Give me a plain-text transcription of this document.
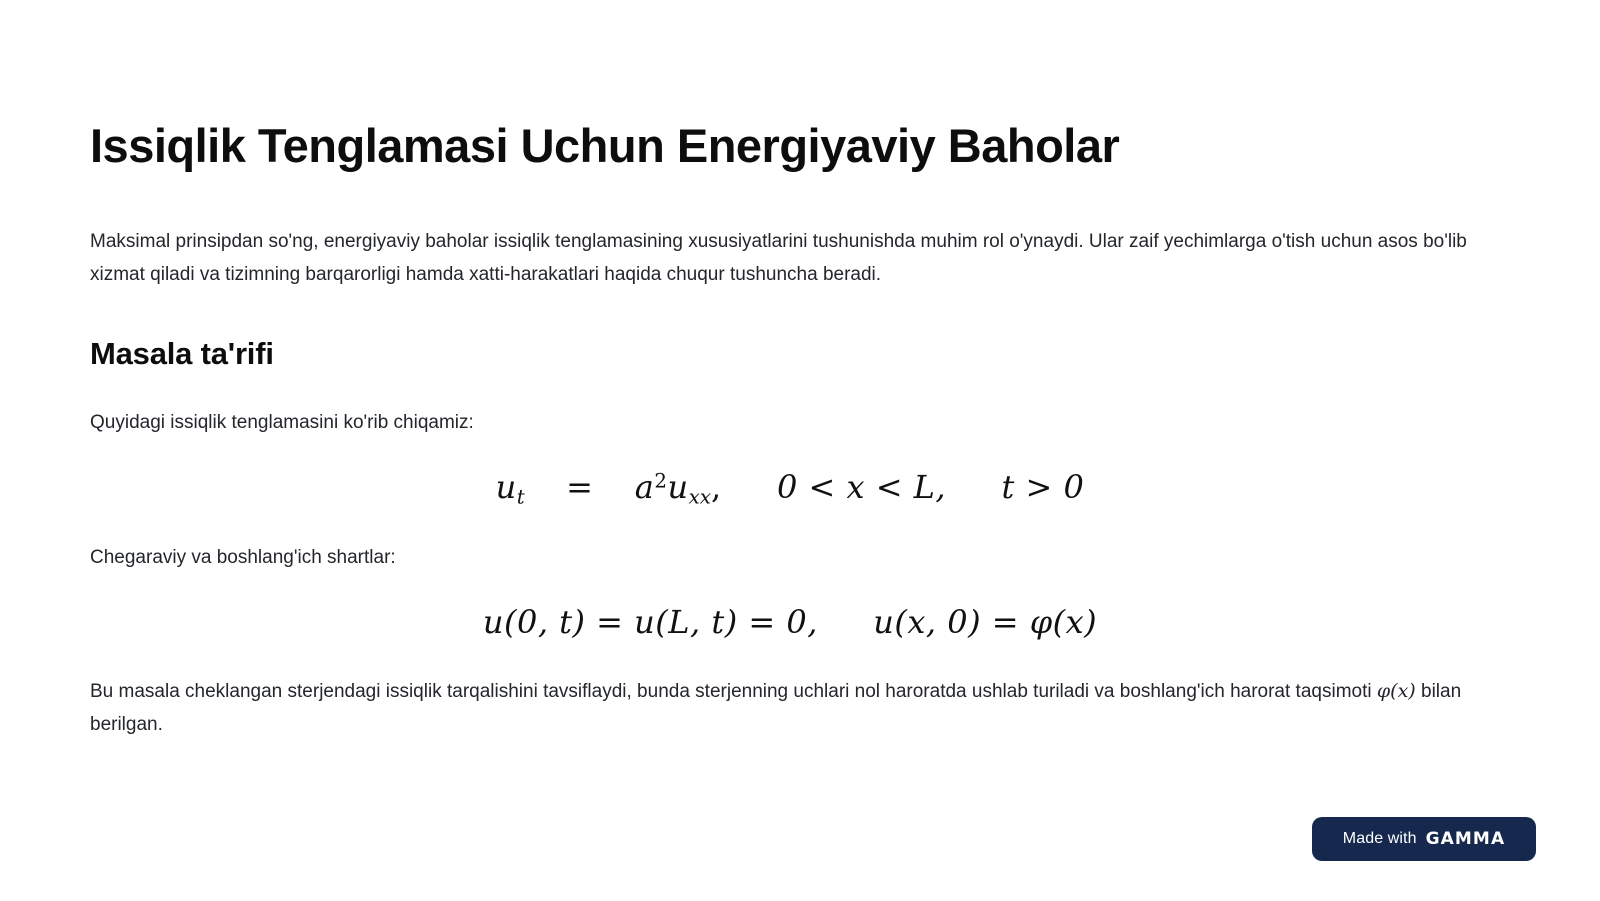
Issiqlik Tenglamasi Uchun Energiyaviy Baholar

Maksimal prinsipdan so'ng, energiyaviy baholar issiqlik tenglamasining xususiyatlarini tushunishda muhim rol o'ynaydi. Ular zaif yechimlarga o'tish uchun asos bo'lib xizmat qiladi va tizimning barqarorligi hamda xatti-harakatlari haqida chuqur tushuncha beradi.

Masala ta'rifi

Quyidagi issiqlik tenglamasini ko'rib chiqamiz:

$u_t = a^2u_{xx}$, 0 < x < L, t > 0

Chegaraviy va boshlang'ich shartlar:

u(0, t) = u(L, t) = 0, u(x, 0) = φ(x)

Bu masala cheklangan sterjendagi issiqlik tarqalishini tavsiflaydi, bunda sterjenning uchlari nol haroratda ushlab turiladi va boshlang'ich harorat taqsimoti φ(x) bilan berilgan.

Made with GAMMA
